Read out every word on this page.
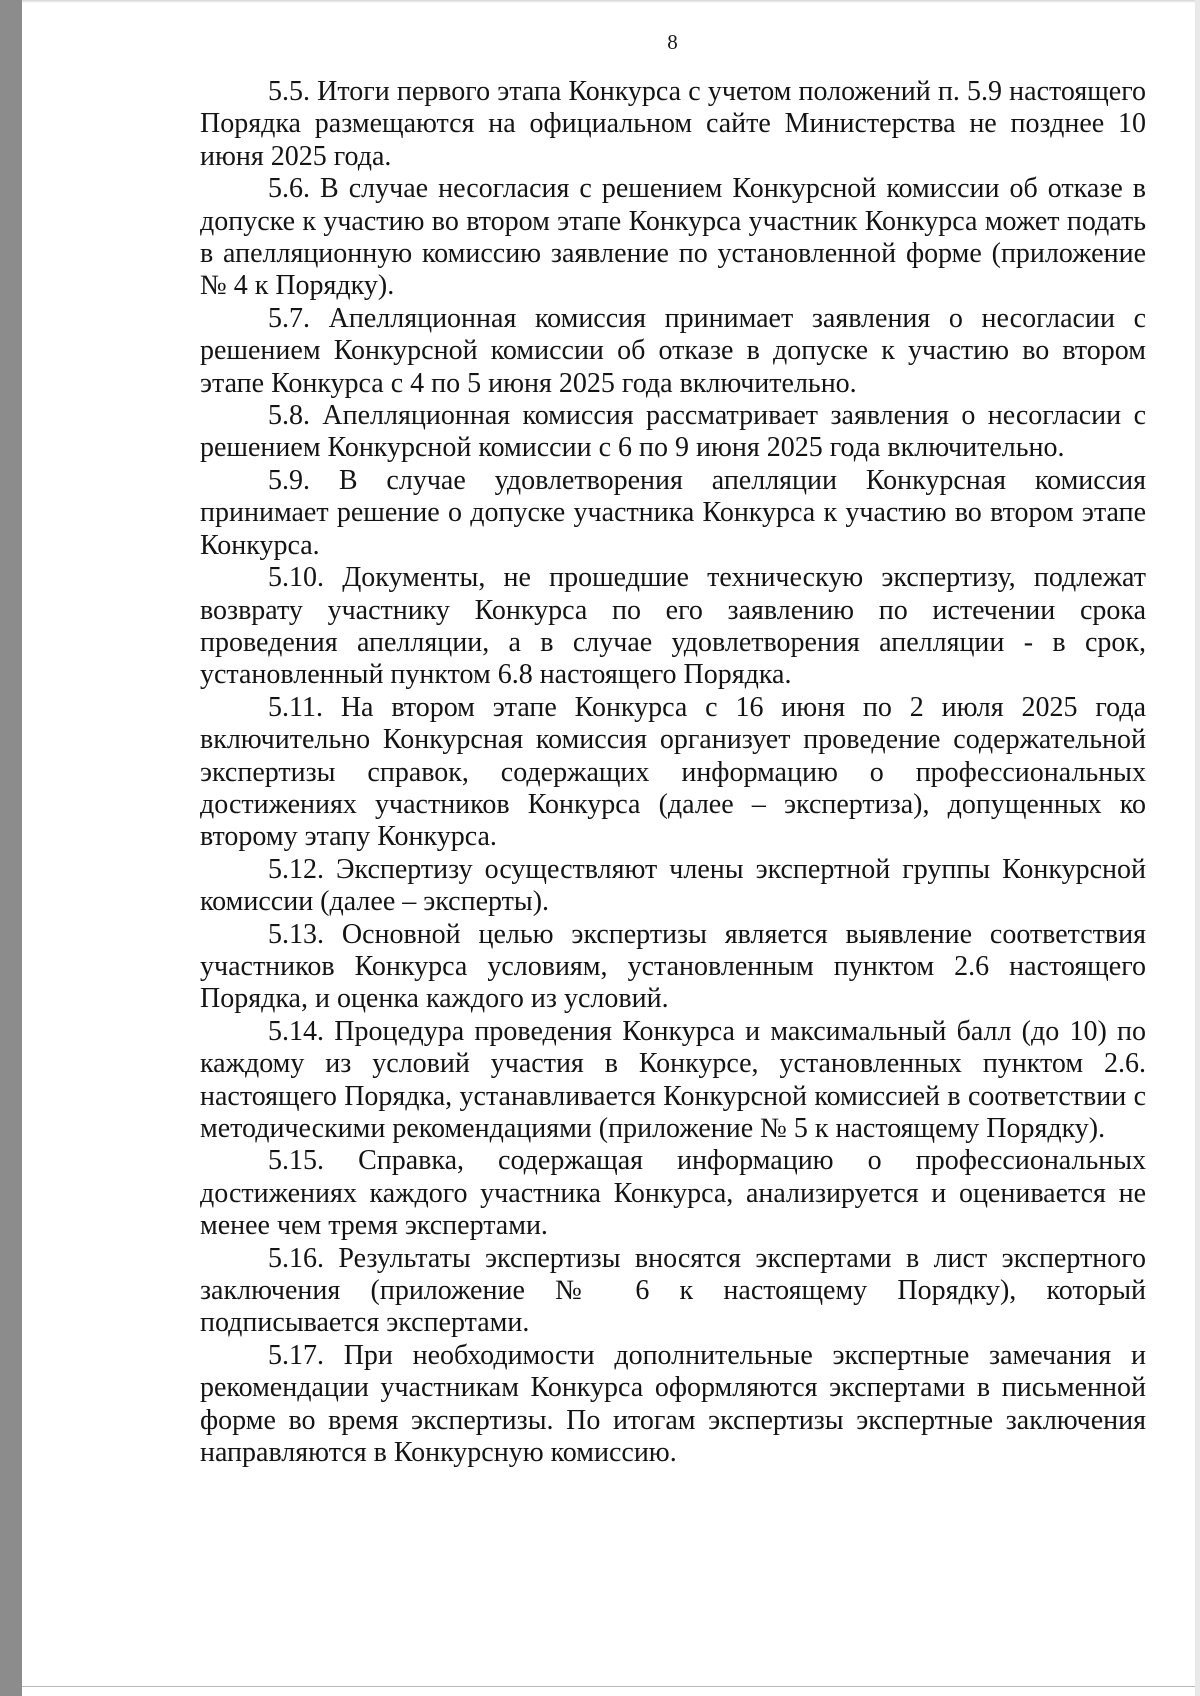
8

5.5. Итоги первого этапа Конкурса с учетом положений п. 5.9 настоящего Порядка размещаются на официальном сайте Министерства не позднее 10 июня 2025 года.

5.6. В случае несогласия с решением Конкурсной комиссии об отказе в допуске к участию во втором этапе Конкурса участник Конкурса может подать в апелляционную комиссию заявление по установленной форме (приложение № 4 к Порядку).

5.7. Апелляционная комиссия принимает заявления о несогласии с решением Конкурсной комиссии об отказе в допуске к участию во втором этапе Конкурса с 4 по 5 июня 2025 года включительно.

5.8. Апелляционная комиссия рассматривает заявления о несогласии с решением Конкурсной комиссии с 6 по 9 июня 2025 года включительно.

5.9. В случае удовлетворения апелляции Конкурсная комиссия принимает решение о допуске участника Конкурса к участию во втором этапе Конкурса.

5.10. Документы, не прошедшие техническую экспертизу, подлежат возврату участнику Конкурса по его заявлению по истечении срока проведения апелляции, а в случае удовлетворения апелляции - в срок, установленный пунктом 6.8 настоящего Порядка.

5.11. На втором этапе Конкурса с 16 июня по 2 июля 2025 года включительно Конкурсная комиссия организует проведение содержательной экспертизы справок, содержащих информацию о профессиональных достижениях участников Конкурса (далее – экспертиза), допущенных ко второму этапу Конкурса.

5.12. Экспертизу осуществляют члены экспертной группы Конкурсной комиссии (далее – эксперты).

5.13. Основной целью экспертизы является выявление соответствия участников Конкурса условиям, установленным пунктом 2.6 настоящего Порядка, и оценка каждого из условий.

5.14. Процедура проведения Конкурса и максимальный балл (до 10) по каждому из условий участия в Конкурсе, установленных пунктом 2.6. настоящего Порядка, устанавливается Конкурсной комиссией в соответствии с методическими рекомендациями (приложение № 5 к настоящему Порядку).

5.15. Справка, содержащая информацию о профессиональных достижениях каждого участника Конкурса, анализируется и оценивается не менее чем тремя экспертами.

5.16. Результаты экспертизы вносятся экспертами в лист экспертного заключения (приложение № 6 к настоящему Порядку), который подписывается экспертами.

5.17. При необходимости дополнительные экспертные замечания и рекомендации участникам Конкурса оформляются экспертами в письменной форме во время экспертизы. По итогам экспертизы экспертные заключения направляются в Конкурсную комиссию.
